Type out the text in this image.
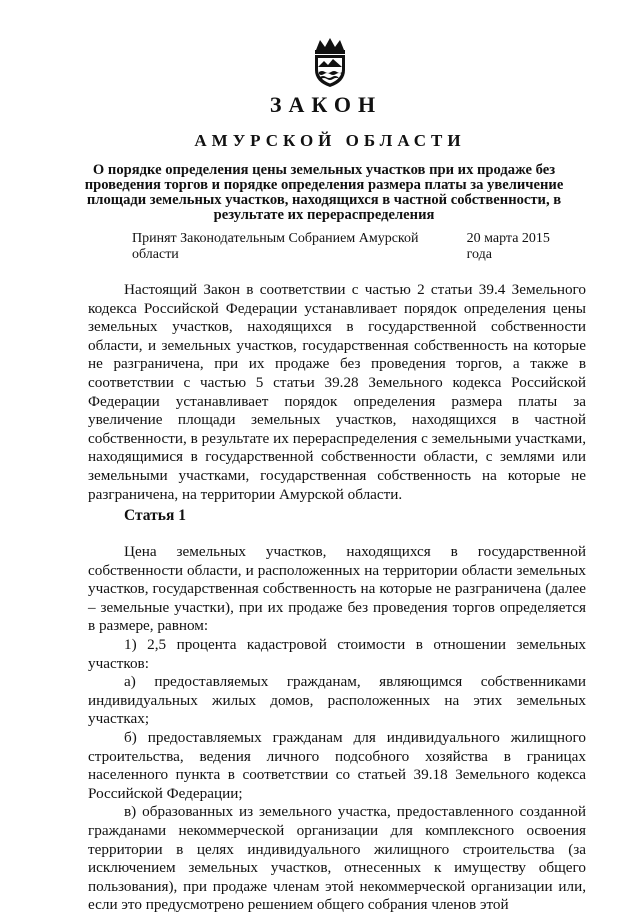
ЗАКОН
АМУРСКОЙ ОБЛАСТИ
О порядке определения цены земельных участков при их продаже без проведения торгов и порядке определения размера платы за увеличение площади земельных участков, находящихся в частной собственности, в результате их перераспределения
Принят Законодательным Собранием Амурской области
20 марта 2015 года

Настоящий Закон в соответствии с частью 2 статьи 39.4 Земельного кодекса Российской Федерации устанавливает порядок определения цены земельных участков, находящихся в государственной собственности области, и земельных участков, государственная собственность на которые не разграничена, при их продаже без проведения торгов, а также в соответствии с частью 5 статьи 39.28 Земельного кодекса Российской Федерации устанавливает порядок определения размера платы за увеличение площади земельных участков, находящихся в частной собственности, в результате их перераспределения с земельными участками, находящимися в государственной собственности области, с землями или земельными участками, государственная собственность на которые не разграничена, на территории Амурской области.

Статья 1

Цена земельных участков, находящихся в государственной собственности области, и расположенных на территории области земельных участков, государственная собственность на которые не разграничена (далее – земельные участки), при их продаже без проведения торгов определяется в размере, равном:

1) 2,5 процента кадастровой стоимости в отношении земельных участков:

а) предоставляемых гражданам, являющимся собственниками индивидуальных жилых домов, расположенных на этих земельных участках;

б) предоставляемых гражданам для индивидуального жилищного строительства, ведения личного подсобного хозяйства в границах населенного пункта в соответствии со статьей 39.18 Земельного кодекса Российской Федерации;

в) образованных из земельного участка, предоставленного созданной гражданами некоммерческой организации для комплексного освоения территории в целях индивидуального жилищного строительства (за исключением земельных участков, отнесенных к имуществу общего пользования), при продаже членам этой некоммерческой организации или, если это предусмотрено решением общего собрания членов этой
